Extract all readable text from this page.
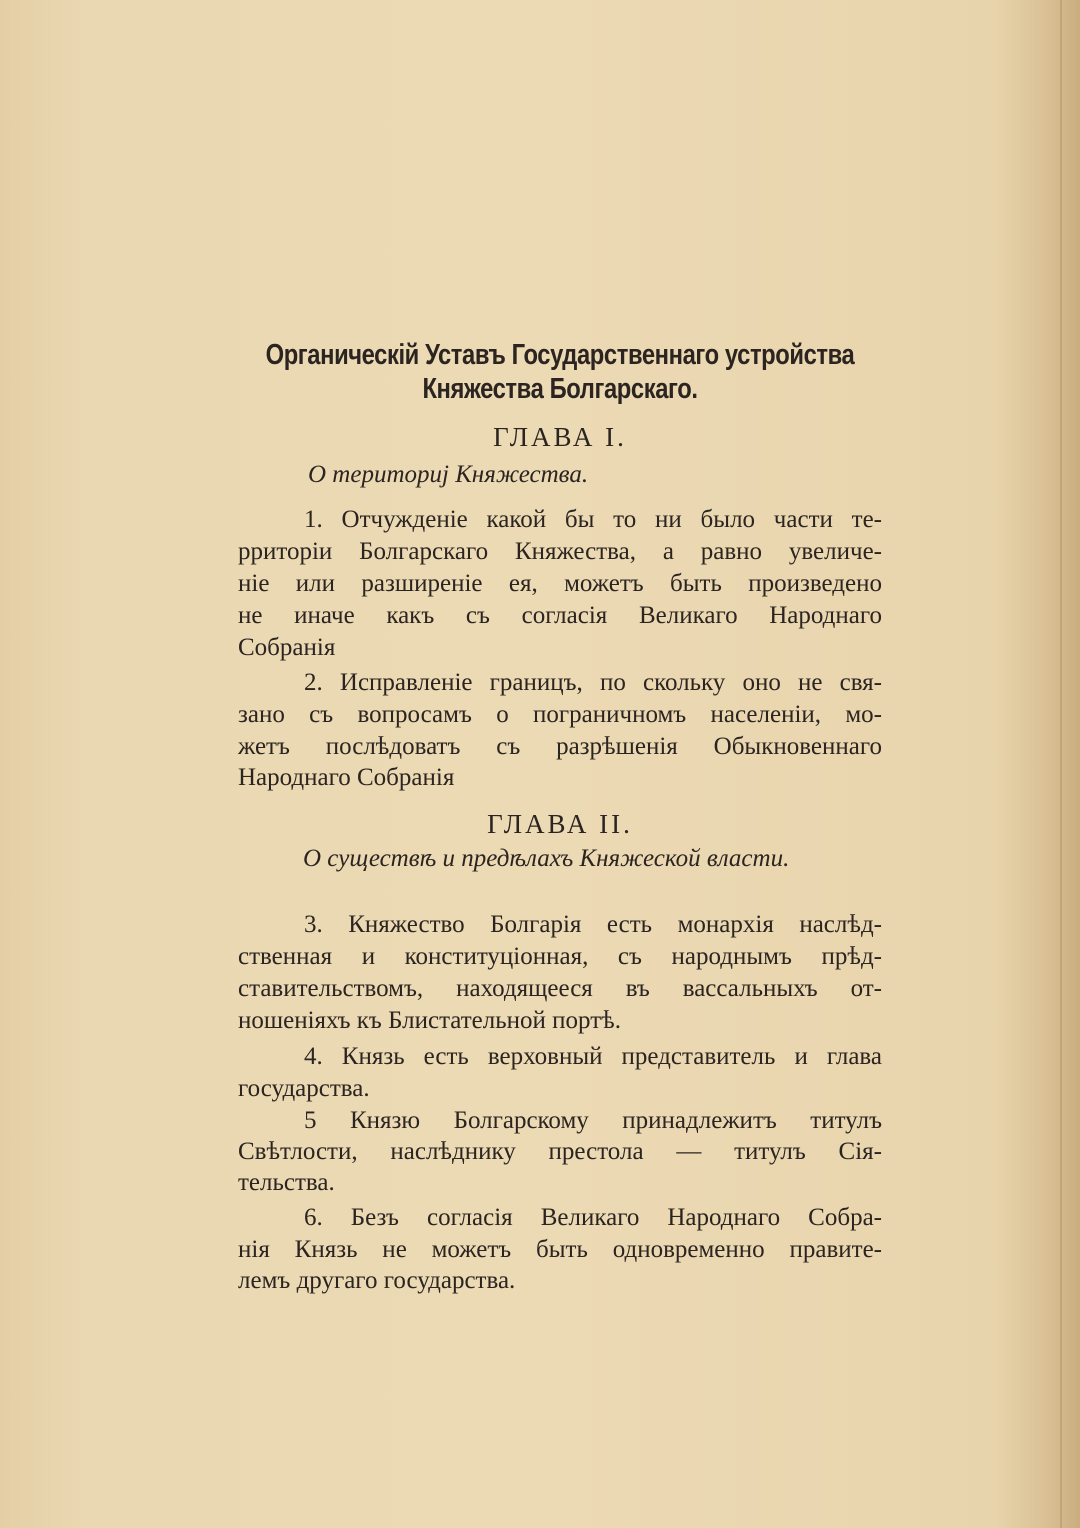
Органическій Уставъ Государственнаго устройства
Княжества Болгарскаго.
ГЛАВА I.
О териториj Княжества.
1. Отчужденіе какой бы то ни было части те-
рриторіи Болгарскаго Княжества, а равно увеличе-
ніе или разширеніе ея, можетъ быть произведено
не иначе какъ съ согласія Великаго Народнаго
Собранія
2. Исправленіе границъ, по скольку оно не свя-
зано съ вопросамъ о пограничномъ населеніи, мо-
жетъ послѣдоватъ съ разрѣшенія Обыкновеннаго
Народнаго Собранія
ГЛАВА II.
О существѣ и предѣлахъ Княжеской власти.
3. Княжество Болгарія есть монархія наслѣд-
ственная и конституціонная, съ народнымъ прѣд-
ставительствомъ, находящееся въ вассальныхъ от-
ношеніяхъ къ Блистательной портѣ.
4. Князь есть верховный представитель и глава
государства.
5 Князю Болгарскому принадлежитъ титулъ
Свѣтлости, наслѣднику престола — титулъ Сія-
тельства.
6. Безъ согласія Великаго Народнаго Собра-
нія Князь не можетъ быть одновременно правите-
лемъ другаго государства.
